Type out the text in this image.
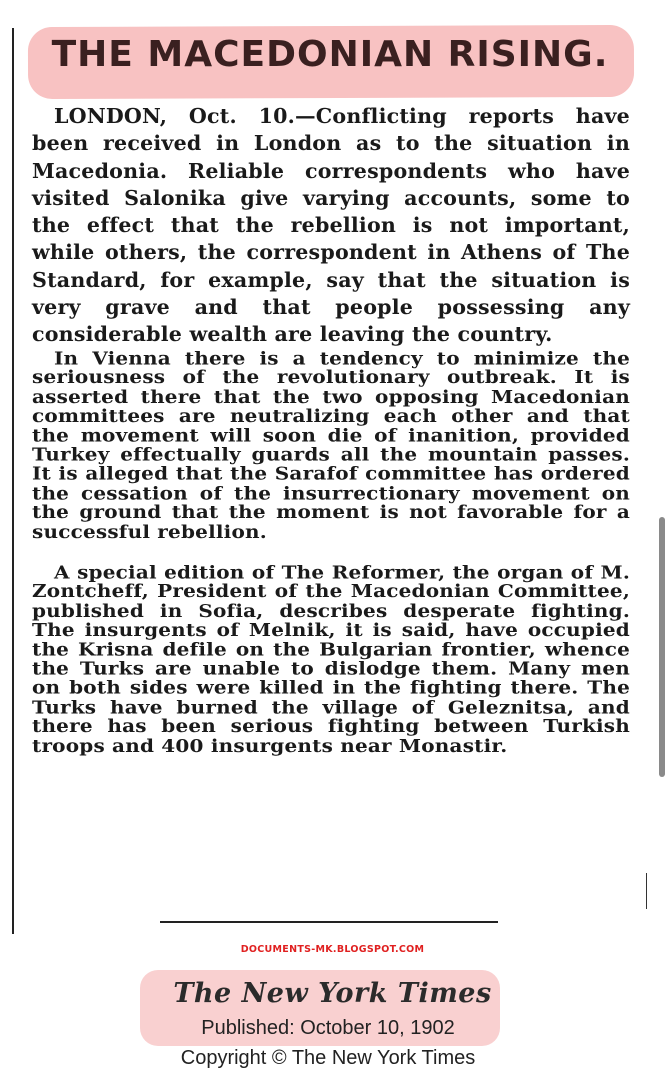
THE MACEDONIAN RISING.

LONDON, Oct. 10.—Conflicting reports have been received in London as to the situation in Macedonia. Reliable correspondents who have visited Salonika give varying accounts, some to the effect that the rebellion is not important, while others, the correspondent in Athens of The Standard, for example, say that the situation is very grave and that people possessing any considerable wealth are leaving the country.

In Vienna there is a tendency to minimize the seriousness of the revolutionary outbreak. It is asserted there that the two opposing Macedonian committees are neutralizing each other and that the movement will soon die of inanition, provided Turkey effectually guards all the mountain passes. It is alleged that the Sarafof committee has ordered the cessation of the insurrectionary movement on the ground that the moment is not favorable for a successful rebellion.

A special edition of The Reformer, the organ of M. Zontcheff, President of the Macedonian Committee, published in Sofia, describes desperate fighting. The insurgents of Melnik, it is said, have occupied the Krisna defile on the Bulgarian frontier, whence the Turks are unable to dislodge them. Many men on both sides were killed in the fighting there. The Turks have burned the village of Geleznitsa, and there has been serious fighting between Turkish troops and 400 insurgents near Monastir.

DOCUMENTS-MK.BLOGSPOT.COM
The New York Times
Published: October 10, 1902
Copyright © The New York Times
